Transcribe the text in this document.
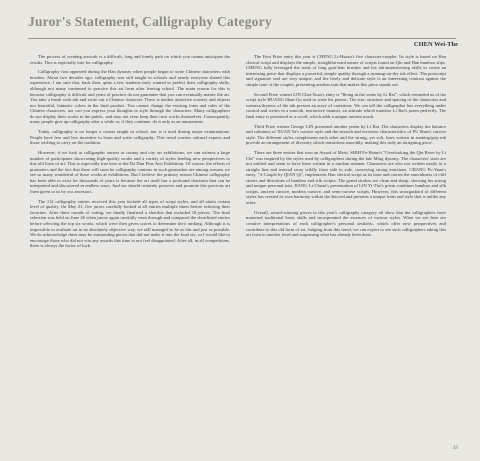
Juror's Statement, Calligraphy Category
CHEN Wei-The

The process of creating artwork is a difficult, long and lonely path on which you cannot anticipate the results. This is especially true for calligraphy.

Calligraphy first appeared during the Han dynasty when people began to write Chinese characters with brushes. About two decades ago, calligraphy was still taught in schools and nearly everyone shared this experience. I am sure that, back then, quite a few students truly wanted to perfect their calligraphy skills, although not many continued to practice this art form after leaving school. The main reason for this is because calligraphy is difficult and years of practice do not guarantee that you can eventually master the art. You take a break with ink and write out a Chinese character. There is neither attractive scenery and objects nor beautiful, fantastic colors in the final product. You cannot change the existing form and rules of the Chinese characters, nor can you express your thoughts or style through the characters. Many calligraphers do not display their works to the public, and may not even keep their own works themselves. Consequently, many people give up calligraphy after a while or, if they continue, do it only as an amusement.

Today, calligraphy is no longer a course taught in school, nor is it used during major examinations. People have less and less incentive to learn and write calligraphy. This trend worries cultural experts and those wishing to carry on the tradition.

However, if we look at calligraphic entries at county and city art exhibitions, we can witness a large number of participants showcasing high-quality works and a variety of styles lending new perspectives to this old form of art. This is especially true here at the Da Dun Fine Arts Exhibition. Of course, the efforts of promoters and the fact that there will soon be calligraphy contests in such generation are among reasons we see so many wonderful of these works at exhibitions. But I believe the primary reason Chinese calligraphy has been able to exist for thousands of years is because the art itself has a profound charisma that can be interpreted and discovered in endless ways. And we should certainly preserve and promote this precious art form given to us by our ancestors.

The 112 calligraphy entries received this year include all types of script styles, and all attain certain level of quality. On May 21, five jurors carefully looked at all entries multiple times before selecting their favorites. After three rounds of voting, we finally finalized a shortlist that included 18 pieces. The final selection was held on June 26 when jurors again carefully went through and compared the shortlisted entries before selecting the top six works, which were then given scores to determine their ranking. Although it is impossible to evaluate art in an absolutely objective way, we still managed to be as fair and just as possible. We do acknowledge there may be outstanding pieces that did not make it into the final six, so I would like to encourage those who did not win any awards this time to not feel disappointed. After all, in all competitions, there is always the factor of luck.

The First Prize entry this year is CHENG Li-Hsuan's five character-couplet. Its style is based on Han clerical script and displays the simple, straightforward nature of scripts found on Qin and Han bamboo slips. CHENG fully leveraged the traits of long goat-hair brushes and his ink-maneuvering skills to create an interesting piece that displays a powerful, simple quality through a running-on-dry ink effect. The postscript and signature seal are very unique, and the lively and delicate style is an interesting contrast against the simple tone of the couplet, presenting another trait that makes this piece stands out.

Second Prize winner LIN Chia-Yuan's entry is "Being in the scene by Li Bai", which reminded us of the script style HUANG Shan-Gu used to write his poems. The size, structure and spacing of the characters and wetness/dryness of the ink present an array of variations. We can tell the calligrapher has everything under control and writes in a smooth, instinctive manner, an attitude which matches Li Bai's poem perfectly. The final entry is presented as a scroll, which adds a unique ancient touch.

Third Prize winner George LIN presented another poem by Li Bai. The characters display the balance and calmness of XUAN Ya's cursive style and the smooth and eccentric characteristics of FU Shan's cursive style. The different styles complement each other and the strong, yet soft, lines written in running/grip ink provide an arrangement of diversity which transitions smoothly, making this truly an intriguing piece.

There are three entries that won an Award of Merit. SHIH Po-Hsiun's "Overlooking the Qin River by Li Chi" was inspired by the styles used by calligraphers during the late Ming dynasty. The characters' sizes are not unified and seem to have been written in a random manner. Characters are also not written neatly in a straight line and instead sway wildly from side to side, conveying strong emotions. CHANG Po-Yuan's entry, "A Couple by QIAN Qi", implements Han clerical script as its base and carries the smoothness of cliff stones and directions of bamboo and silk scripts. The grand strokes are clean and sharp, showing his strong and unique personal trait. JIANG Li-Chuan's presentation of LIN Yi-Tho's poem combines bamboo and silk scripts, ancient cursive, modern cursive, and semi-cursive scripts. However, this smorgasbord of different styles has created its own harmony within the discord and presents a unique form and style that is unlike any other.

Overall, award-winning pieces in this year's calligraphy category all show that the calligraphers have mastered traditional basic skills and incorporated the essences of various styles. What we see here are creative interpretations of each calligrapher's personal aesthetic, which offer new perspectives and contribute to this old form of art. Judging from this trend, we can expect to see such calligraphers taking this art form to another level and surpassing what has already been done.

49
